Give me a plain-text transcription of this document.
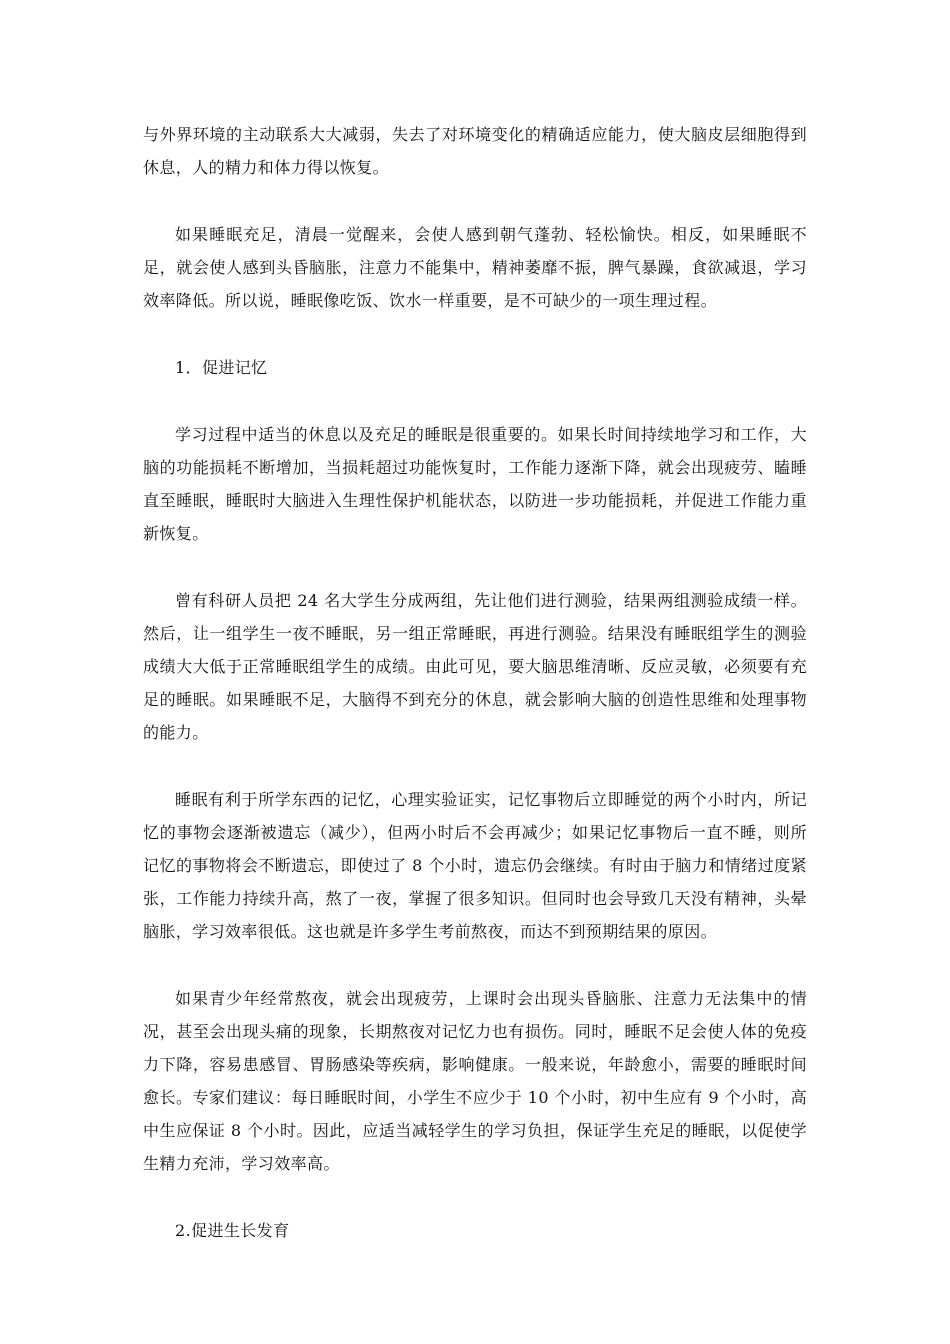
与外界环境的主动联系大大减弱，失去了对环境变化的精确适应能力，使大脑皮层细胞得到休息，人的精力和体力得以恢复。

如果睡眠充足，清晨一觉醒来，会使人感到朝气蓬勃、轻松愉快。相反，如果睡眠不足，就会使人感到头昏脑胀，注意力不能集中，精神萎靡不振，脾气暴躁，食欲减退，学习效率降低。所以说，睡眠像吃饭、饮水一样重要，是不可缺少的一项生理过程。

1．促进记忆

学习过程中适当的休息以及充足的睡眠是很重要的。如果长时间持续地学习和工作，大脑的功能损耗不断增加，当损耗超过功能恢复时，工作能力逐渐下降，就会出现疲劳、瞌睡直至睡眠，睡眠时大脑进入生理性保护机能状态，以防进一步功能损耗，并促进工作能力重新恢复。

曾有科研人员把 24 名大学生分成两组，先让他们进行测验，结果两组测验成绩一样。然后，让一组学生一夜不睡眠，另一组正常睡眠，再进行测验。结果没有睡眠组学生的测验成绩大大低于正常睡眠组学生的成绩。由此可见，要大脑思维清晰、反应灵敏，必须要有充足的睡眠。如果睡眠不足，大脑得不到充分的休息，就会影响大脑的创造性思维和处理事物的能力。

睡眠有利于所学东西的记忆，心理实验证实，记忆事物后立即睡觉的两个小时内，所记忆的事物会逐渐被遗忘（减少），但两小时后不会再减少；如果记忆事物后一直不睡，则所记忆的事物将会不断遗忘，即使过了 8 个小时，遗忘仍会继续。有时由于脑力和情绪过度紧张，工作能力持续升高，熬了一夜，掌握了很多知识。但同时也会导致几天没有精神，头晕脑胀，学习效率很低。这也就是许多学生考前熬夜，而达不到预期结果的原因。

如果青少年经常熬夜，就会出现疲劳，上课时会出现头昏脑胀、注意力无法集中的情况，甚至会出现头痛的现象，长期熬夜对记忆力也有损伤。同时，睡眠不足会使人体的免疫力下降，容易患感冒、胃肠感染等疾病，影响健康。一般来说，年龄愈小，需要的睡眠时间愈长。专家们建议：每日睡眠时间，小学生不应少于 10 个小时，初中生应有 9 个小时，高中生应保证 8 个小时。因此，应适当减轻学生的学习负担，保证学生充足的睡眠，以促使学生精力充沛，学习效率高。

2.促进生长发育
